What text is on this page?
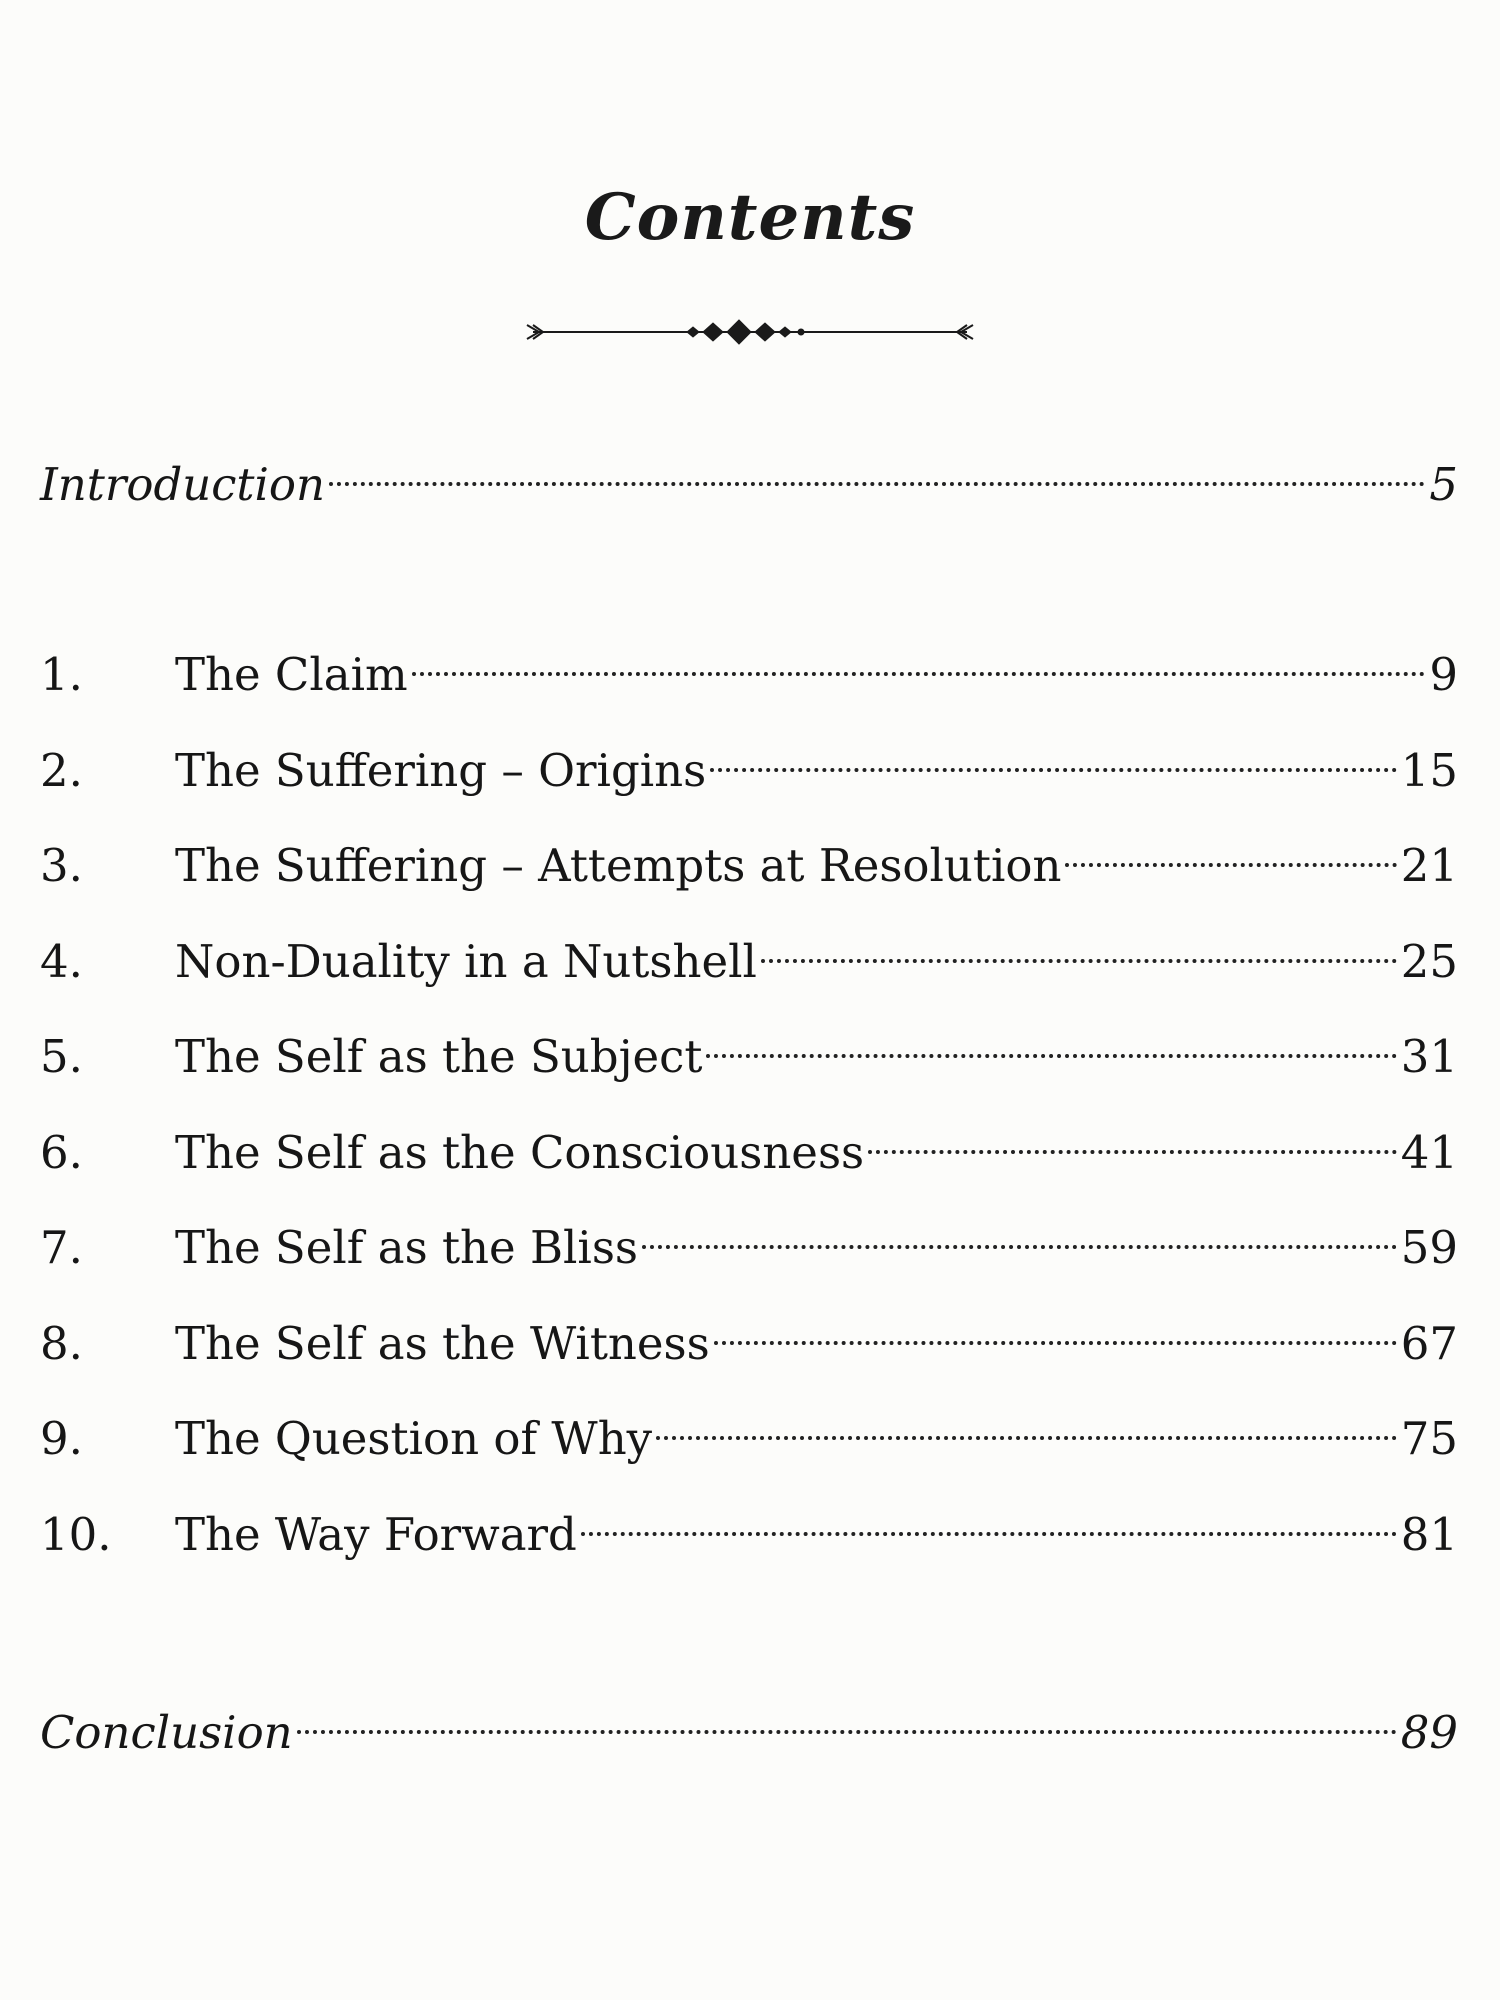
Contents
Introduction	5
1.	The Claim	9
2.	The Suffering – Origins	15
3.	The Suffering – Attempts at Resolution	21
4.	Non-Duality in a Nutshell	25
5.	The Self as the Subject	31
6.	The Self as the Consciousness	41
7.	The Self as the Bliss	59
8.	The Self as the Witness	67
9.	The Question of Why	75
10.	The Way Forward	81
Conclusion	89
